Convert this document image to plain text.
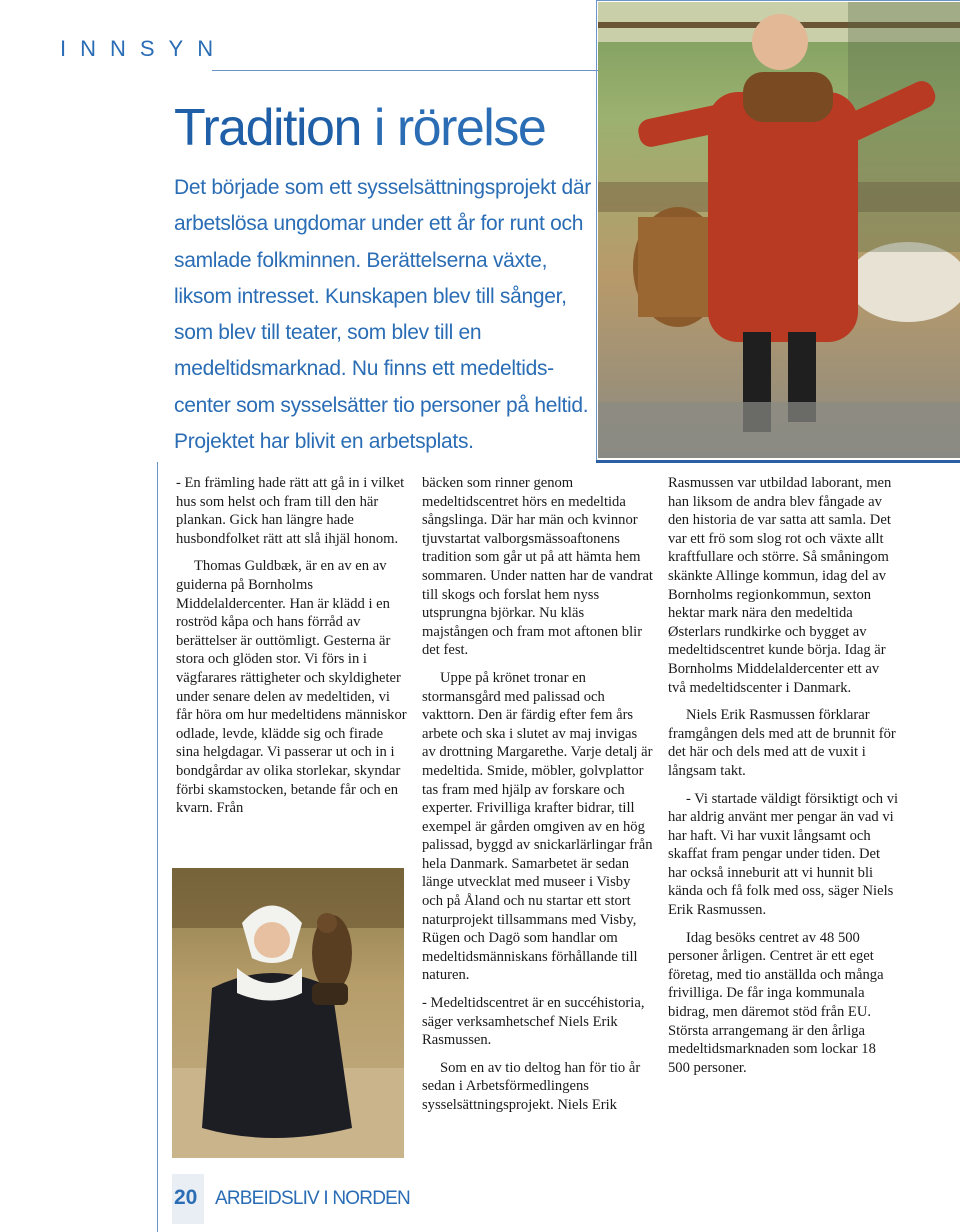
INNSYN
Tradition i rörelse

Det började som ett sysselsättningsprojekt där arbetslösa ungdomar under ett år for runt och samlade folkminnen. Berättelserna växte, liksom intresset. Kunskapen blev till sånger, som blev till teater, som blev till en medeltidsmarknad. Nu finns ett medeltids-center som sysselsätter tio personer på heltid. Projektet har blivit en arbetsplats.

- En främling hade rätt att gå in i vilket hus som helst och fram till den här plankan. Gick han längre hade husbondfolket rätt att slå ihjäl honom.

Thomas Guldbæk, är en av en av guiderna på Bornholms Middelaldercenter. Han är klädd i en roströd kåpa och hans förråd av berättelser är outtömligt. Gesterna är stora och glöden stor. Vi förs in i vägfarares rättigheter och skyldigheter under senare delen av medeltiden, vi får höra om hur medeltidens människor odlade, levde, klädde sig och firade sina helgdagar. Vi passerar ut och in i bondgårdar av olika storlekar, skyndar förbi skamstocken, betande får och en kvarn. Från

bäcken som rinner genom medeltidscentret hörs en medeltida sångslinga. Där har män och kvinnor tjuvstartat valborgsmässoaftonens tradition som går ut på att hämta hem sommaren. Under natten har de vandrat till skogs och forslat hem nyss utsprungna björkar. Nu kläs majstången och fram mot aftonen blir det fest.

Uppe på krönet tronar en stormansgård med palissad och vakttorn. Den är färdig efter fem års arbete och ska i slutet av maj invigas av drottning Margarethe. Varje detalj är medeltida. Smide, möbler, golvplattor tas fram med hjälp av forskare och experter. Frivilliga krafter bidrar, till exempel är gården omgiven av en hög palissad, byggd av snickarlärlingar från hela Danmark. Samarbetet är sedan länge utvecklat med museer i Visby och på Åland och nu startar ett stort naturprojekt tillsammans med Visby, Rügen och Dagö som handlar om medeltidsmänniskans förhållande till naturen.

- Medeltidscentret är en succéhistoria, säger verksamhetschef Niels Erik Rasmussen.

Som en av tio deltog han för tio år sedan i Arbetsförmedlingens sysselsättningsprojekt. Niels Erik

Rasmussen var utbildad laborant, men han liksom de andra blev fångade av den historia de var satta att samla. Det var ett frö som slog rot och växte allt kraftfullare och större. Så småningom skänkte Allinge kommun, idag del av Bornholms regionkommun, sexton hektar mark nära den medeltida Østerlars rundkirke och bygget av medeltidscentret kunde börja. Idag är Bornholms Middelaldercenter ett av två medeltidscenter i Danmark.

Niels Erik Rasmussen förklarar framgången dels med att de brunnit för det här och dels med att de vuxit i långsam takt.

- Vi startade väldigt försiktigt och vi har aldrig använt mer pengar än vad vi har haft. Vi har vuxit långsamt och skaffat fram pengar under tiden. Det har också inneburit att vi hunnit bli kända och få folk med oss, säger Niels Erik Rasmussen.

Idag besöks centret av 48 500 personer årligen. Centret är ett eget företag, med tio anställda och många frivilliga. De får inga kommunala bidrag, men däremot stöd från EU. Största arrangemang är den årliga medeltidsmarknaden som lockar 18 500 personer.

20 ARBEIDSLIV I NORDEN
